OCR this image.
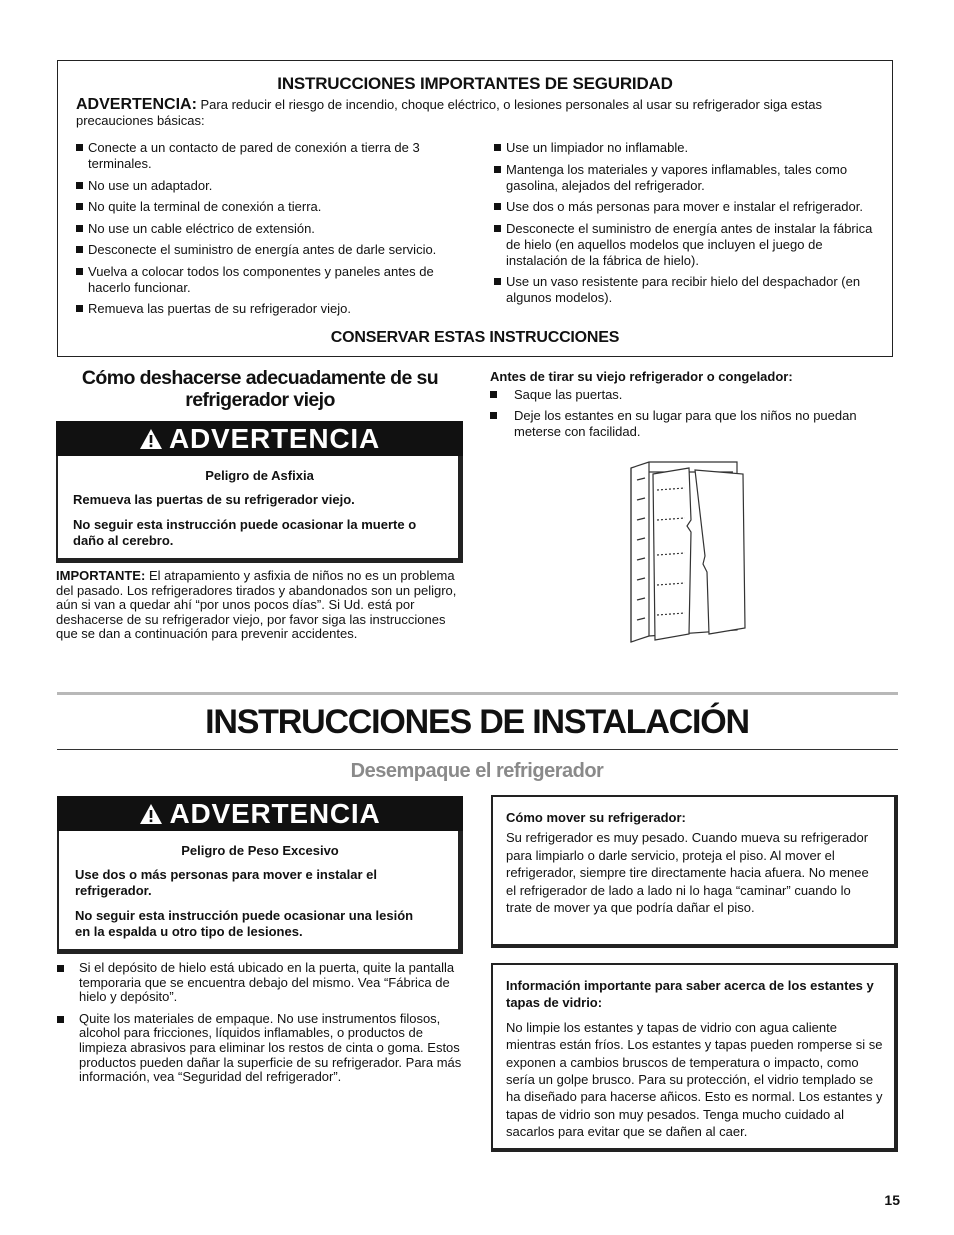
INSTRUCCIONES IMPORTANTES DE SEGURIDAD
ADVERTENCIA: Para reducir el riesgo de incendio, choque eléctrico, o lesiones personales al usar su refrigerador siga estas precauciones básicas:
Conecte a un contacto de pared de conexión a tierra de 3 terminales.
No use un adaptador.
No quite la terminal de conexión a tierra.
No use un cable eléctrico de extensión.
Desconecte el suministro de energía antes de darle servicio.
Vuelva a colocar todos los componentes y paneles antes de hacerlo funcionar.
Remueva las puertas de su refrigerador viejo.
Use un limpiador no inflamable.
Mantenga los materiales y vapores inflamables, tales como gasolina, alejados del refrigerador.
Use dos o más personas para mover e instalar el refrigerador.
Desconecte el suministro de energía antes de instalar la fábrica de hielo (en aquellos modelos que incluyen el juego de instalación de la fábrica de hielo).
Use un vaso resistente para recibir hielo del despachador (en algunos modelos).
CONSERVAR ESTAS INSTRUCCIONES
Cómo deshacerse adecuadamente de su refrigerador viejo
ADVERTENCIA
Peligro de Asfixia
Remueva las puertas de su refrigerador viejo.
No seguir esta instrucción puede ocasionar la muerte o daño al cerebro.
IMPORTANTE: El atrapamiento y asfixia de niños no es un problema del pasado. Los refrigeradores tirados y abandonados son un peligro, aún si van a quedar ahí “por unos pocos días”. Si Ud. está por deshacerse de su refrigerador viejo, por favor siga las instrucciones que se dan a continuación para prevenir accidentes.
Antes de tirar su viejo refrigerador o congelador:
Saque las puertas.
Deje los estantes en su lugar para que los niños no puedan meterse con facilidad.
INSTRUCCIONES DE INSTALACIÓN
Desempaque el refrigerador
ADVERTENCIA
Peligro de Peso Excesivo
Use dos o más personas para mover e instalar el refrigerador.
No seguir esta instrucción puede ocasionar una lesión en la espalda u otro tipo de lesiones.
Si el depósito de hielo está ubicado en la puerta, quite la pantalla temporaria que se encuentra debajo del mismo. Vea “Fábrica de hielo y depósito”.
Quite los materiales de empaque. No use instrumentos filosos, alcohol para fricciones, líquidos inflamables, o productos de limpieza abrasivos para eliminar los restos de cinta o goma. Estos productos pueden dañar la superficie de su refrigerador. Para más información, vea “Seguridad del refrigerador”.
Cómo mover su refrigerador:
Su refrigerador es muy pesado. Cuando mueva su refrigerador para limpiarlo o darle servicio, proteja el piso. Al mover el refrigerador, siempre tire directamente hacia afuera. No menee el refrigerador de lado a lado ni lo haga “caminar” cuando lo trate de mover ya que podría dañar el piso.
Información importante para saber acerca de los estantes y tapas de vidrio:
No limpie los estantes y tapas de vidrio con agua caliente mientras están fríos. Los estantes y tapas pueden romperse si se exponen a cambios bruscos de temperatura o impacto, como sería un golpe brusco. Para su protección, el vidrio templado se ha diseñado para hacerse añicos. Esto es normal. Los estantes y tapas de vidrio son muy pesados. Tenga mucho cuidado al sacarlos para evitar que se dañen al caer.
15
